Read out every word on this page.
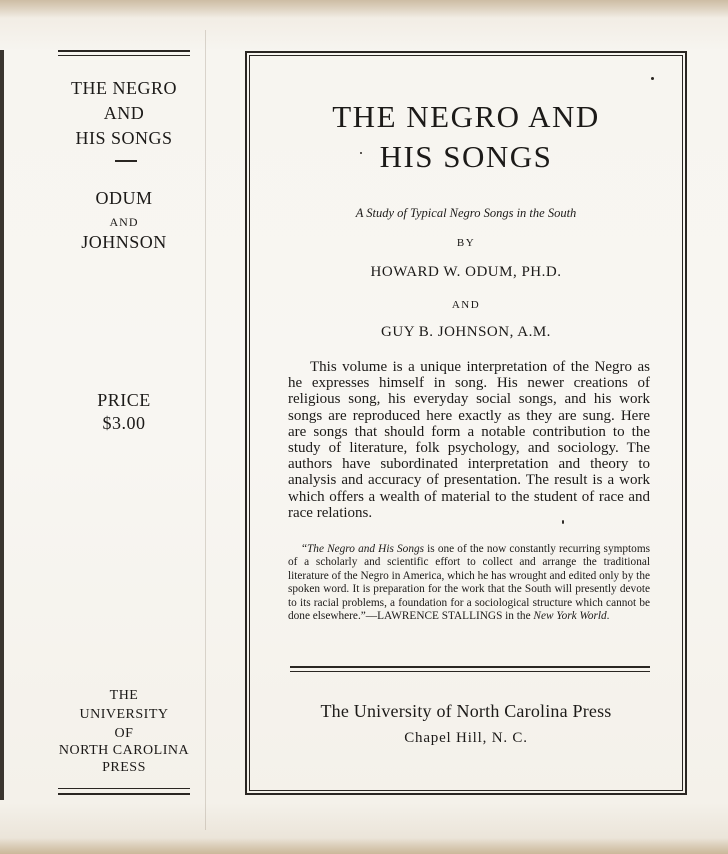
THE NEGRO
AND
HIS SONGS
ODUM
AND
JOHNSON
PRICE
$3.00
THE
UNIVERSITY
OF
NORTH CAROLINA
PRESS
THE NEGRO AND
HIS SONGS
A Study of Typical Negro Songs in the South
BY
HOWARD W. ODUM, PH.D.
AND
GUY B. JOHNSON, A.M.

This volume is a unique interpretation of the Negro as he expresses himself in song. His newer creations of religious song, his everyday social songs, and his work songs are reproduced here exactly as they are sung. Here are songs that should form a notable contribution to the study of literature, folk psychology, and sociology. The authors have subordinated interpretation and theory to analysis and accuracy of presentation. The result is a work which offers a wealth of material to the student of race and race relations.

“The Negro and His Songs is one of the now constantly recurring symptoms of a scholarly and scientific effort to collect and arrange the traditional literature of the Negro in America, which he has wrought and edited only by the spoken word. It is preparation for the work that the South will presently devote to its racial problems, a foundation for a sociological structure which cannot be done elsewhere.”—LAWRENCE STALLINGS in the New York World.

The University of North Carolina Press
Chapel Hill, N. C.
